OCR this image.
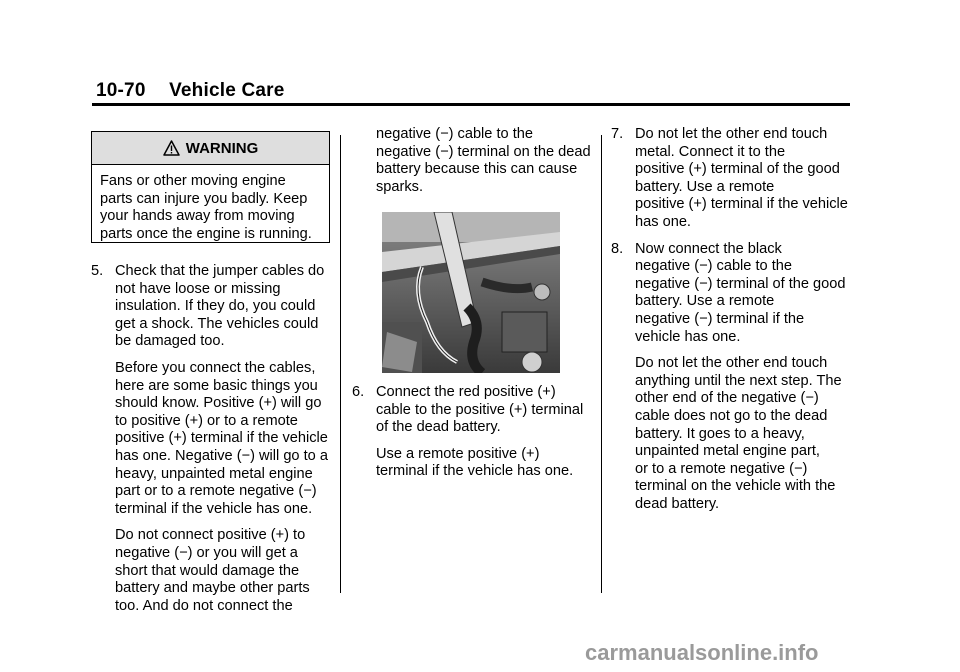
10-70 Vehicle Care
WARNING
Fans or other moving engine
parts can injure you badly. Keep
your hands away from moving
parts once the engine is running.
5. Check that the jumper cables do
not have loose or missing
insulation. If they do, you could
get a shock. The vehicles could
be damaged too.
Before you connect the cables,
here are some basic things you
should know. Positive (+) will go
to positive (+) or to a remote
positive (+) terminal if the vehicle
has one. Negative (−) will go to a
heavy, unpainted metal engine
part or to a remote negative (−)
terminal if the vehicle has one.
Do not connect positive (+) to
negative (−) or you will get a
short that would damage the
battery and maybe other parts
too. And do not connect the
negative (−) cable to the
negative (−) terminal on the dead
battery because this can cause
sparks.
6. Connect the red positive (+)
cable to the positive (+) terminal
of the dead battery.
Use a remote positive (+)
terminal if the vehicle has one.
7. Do not let the other end touch
metal. Connect it to the
positive (+) terminal of the good
battery. Use a remote
positive (+) terminal if the vehicle
has one.
8. Now connect the black
negative (−) cable to the
negative (−) terminal of the good
battery. Use a remote
negative (−) terminal if the
vehicle has one.
Do not let the other end touch
anything until the next step. The
other end of the negative (−)
cable does not go to the dead
battery. It goes to a heavy,
unpainted metal engine part,
or to a remote negative (−)
terminal on the vehicle with the
dead battery.
carmanualsonline.info
